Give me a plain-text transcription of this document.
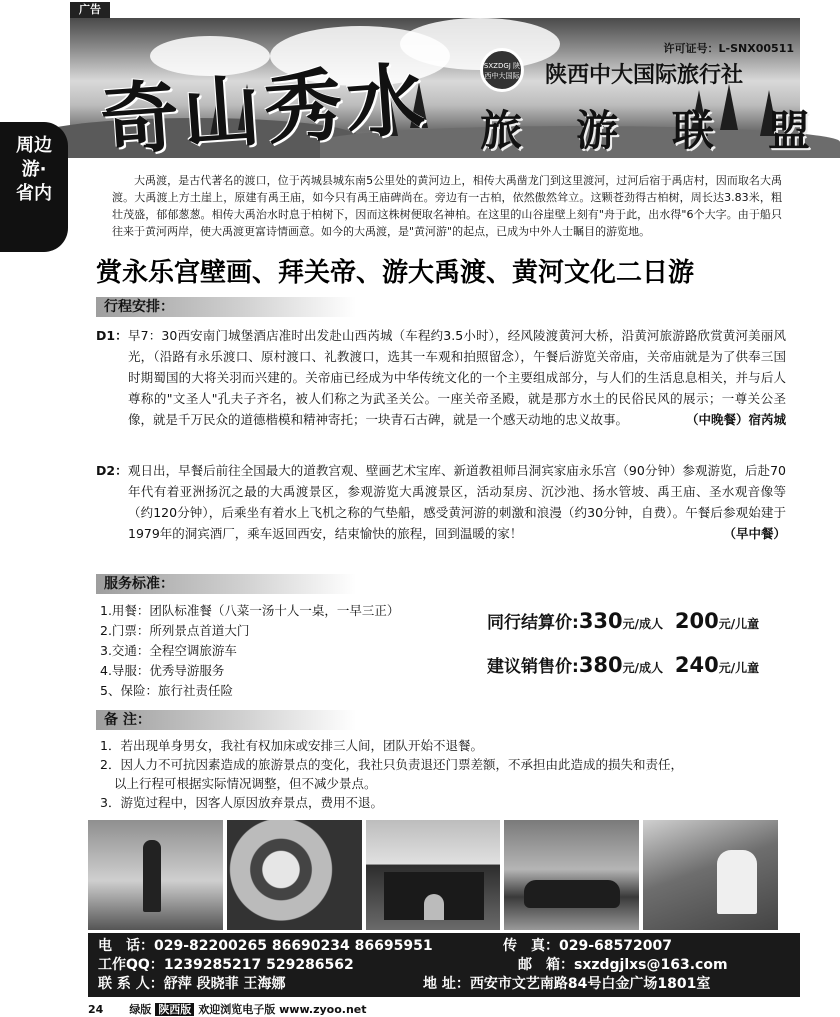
广告
奇山秀水
许可证号：L-SNX00511
SXZDGJ 陕西中大国际 陕西中大国际旅行社
旅 游 联 盟
周边游·省内

大禹渡，是古代著名的渡口，位于芮城县城东南5公里处的黄河边上，相传大禹凿龙门到这里渡河，过河后宿于禹店村，因而取名大禹渡。大禹渡上方土崖上，原建有禹王庙，如今只有禹王庙碑尚在。旁边有一古柏，依然傲然耸立。这颗苍劲得古柏树，周长达3.83米，粗壮茂盛，郁郁葱葱。相传大禹治水时息于柏树下，因而这株树便取名神柏。在这里的山谷崖壁上刻有"舟于此，出水得"6个大字。由于船只往来于黄河两岸，使大禹渡更富诗情画意。如今的大禹渡，是"黄河游"的起点，已成为中外人士瞩目的游览地。

赏永乐宫壁画、拜关帝、游大禹渡、黄河文化二日游
行程安排：
D1： 早7：30西安南门城堡酒店准时出发赴山西芮城（车程约3.5小时），经风陵渡黄河大桥，沿黄河旅游路欣赏黄河美丽风光，（沿路有永乐渡口、原村渡口、礼教渡口，选其一车观和拍照留念），午餐后游览关帝庙，关帝庙就是为了供奉三国时期蜀国的大将关羽而兴建的。关帝庙已经成为中华传统文化的一个主要组成部分，与人们的生活息息相关，并与后人尊称的"文圣人"孔夫子齐名，被人们称之为武圣关公。一座关帝圣殿，就是那方水土的民俗民风的展示；一尊关公圣像，就是千万民众的道德楷模和精神寄托；一块青石古碑，就是一个感天动地的忠义故事。	（中晚餐）宿芮城
D2： 观日出，早餐后前往全国最大的道教宫观、壁画艺术宝库、新道教祖师吕洞宾家庙永乐宫（90分钟）参观游览，后赴70年代有着亚洲扬沉之最的大禹渡景区，参观游览大禹渡景区，活动泵房、沉沙池、扬水管坡、禹王庙、圣水观音像等（约120分钟），后乘坐有着水上飞机之称的气垫船，感受黄河游的刺激和浪漫（约30分钟，自费）。午餐后参观始建于1979年的洞宾酒厂，乘车返回西安，结束愉快的旅程，回到温暖的家！	（早中餐）
服务标准：
1.用餐：团队标准餐（八菜一汤十人一桌，一早三正）
2.门票：所列景点首道大门
3.交通：全程空调旅游车
4.导服：优秀导游服务
5、保险：旅行社责任险
同行结算价:330元/成人 200元/儿童
建议销售价:380元/成人 240元/儿童
备 注：

1．若出现单身男女，我社有权加床或安排三人间，团队开始不退餐。

2．因人力不可抗因素造成的旅游景点的变化，我社只负责退还门票差额，不承担由此造成的损失和责任，

以上行程可根据实际情况调整，但不减少景点。

3．游览过程中，因客人原因放弃景点，费用不退。

电　话：029-82200265 86690234 86695951	传　真：029-68572007
工作QQ：1239285217 529286562	邮　箱：sxzdgjlxs@163.com
联 系 人：舒萍 段晓菲 王海娜	地 址：西安市文艺南路84号白金广场1801室
24 绿版 陕西版 欢迎浏览电子版 www.zyoo.net
